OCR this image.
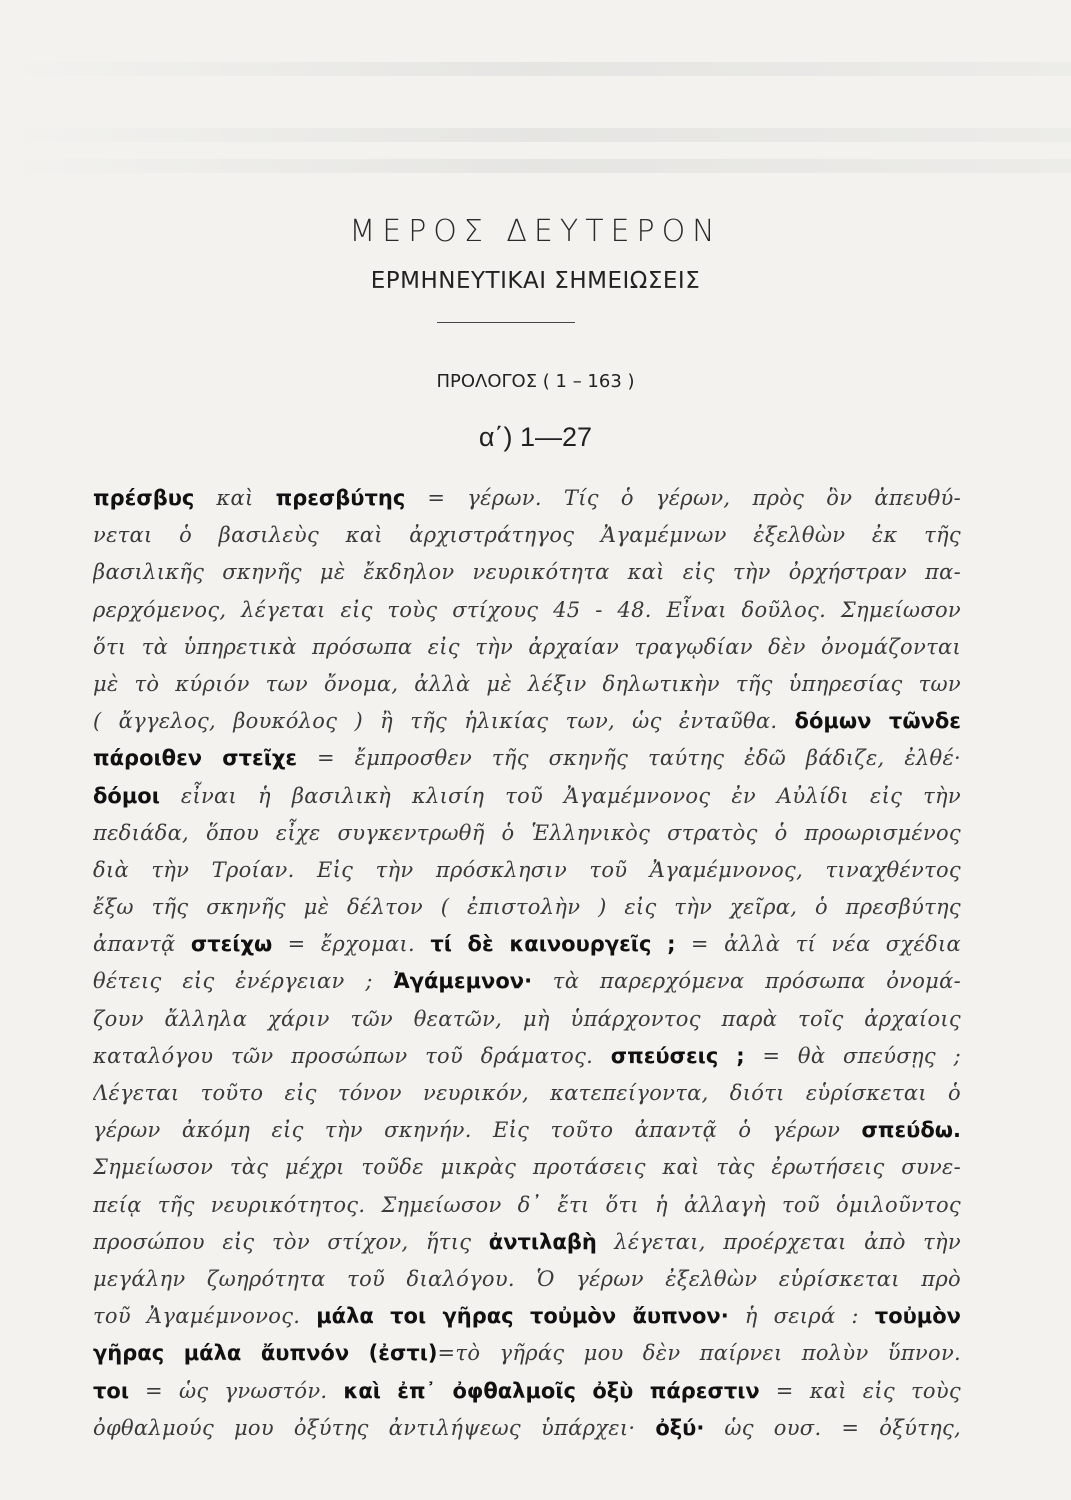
ΜΕΡΟΣ ΔΕΥΤΕΡΟΝ
ΕΡΜΗΝΕΥΤΙΚΑΙ ΣΗΜΕΙΩΣΕΙΣ
ΠΡΟΛΟΓΟΣ ( 1 – 163 )
α΄) 1—27
πρέσβυς καὶ πρεσβύτης = γέρων. Τίς ὁ γέρων, πρὸς ὃν ἀπευθύ-
νεται ὁ βασιλεὺς καὶ ἀρχιστράτηγος Ἀγαμέμνων ἐξελθὼν ἐκ τῆς
βασιλικῆς σκηνῆς μὲ ἔκδηλον νευρικότητα καὶ εἰς τὴν ὀρχήστραν πα-
ρερχόμενος, λέγεται εἰς τοὺς στίχους 45 - 48. Εἶναι δοῦλος. Σημείωσον
ὅτι τὰ ὑπηρετικὰ πρόσωπα εἰς τὴν ἀρχαίαν τραγῳδίαν δὲν ὀνομάζονται
μὲ τὸ κύριόν των ὄνομα, ἀλλὰ μὲ λέξιν δηλωτικὴν τῆς ὑπηρεσίας των
( ἄγγελος, βουκόλος ) ἢ τῆς ἡλικίας των, ὡς ἐνταῦθα. δόμων τῶνδε
πάροιθεν στεῖχε = ἔμπροσθεν τῆς σκηνῆς ταύτης ἐδῶ βάδιζε, ἐλθέ·
δόμοι εἶναι ἡ βασιλικὴ κλισίη τοῦ Ἀγαμέμνονος ἐν Αὐλίδι εἰς τὴν
πεδιάδα, ὅπου εἶχε συγκεντρωθῆ ὁ Ἑλληνικὸς στρατὸς ὁ προωρισμένος
διὰ τὴν Τροίαν. Εἰς τὴν πρόσκλησιν τοῦ Ἀγαμέμνονος, τιναχθέντος
ἔξω τῆς σκηνῆς μὲ δέλτον ( ἐπιστολὴν ) εἰς τὴν χεῖρα, ὁ πρεσβύτης
ἀπαντᾷ στείχω = ἔρχομαι. τί δὲ καινουργεῖς ; = ἀλλὰ τί νέα σχέδια
θέτεις εἰς ἐνέργειαν ; Ἀγάμεμνον· τὰ παρερχόμενα πρόσωπα ὀνομά-
ζουν ἄλληλα χάριν τῶν θεατῶν, μὴ ὑπάρχοντος παρὰ τοῖς ἀρχαίοις
καταλόγου τῶν προσώπων τοῦ δράματος. σπεύσεις ; = θὰ σπεύσῃς ;
Λέγεται τοῦτο εἰς τόνον νευρικόν, κατεπείγοντα, διότι εὑρίσκεται ὁ
γέρων ἀκόμη εἰς τὴν σκηνήν. Εἰς τοῦτο ἀπαντᾷ ὁ γέρων σπεύδω.
Σημείωσον τὰς μέχρι τοῦδε μικρὰς προτάσεις καὶ τὰς ἐρωτήσεις συνε-
πείᾳ τῆς νευρικότητος. Σημείωσον δ᾽ ἔτι ὅτι ἡ ἀλλαγὴ τοῦ ὁμιλοῦντος
προσώπου εἰς τὸν στίχον, ἥτις ἀντιλαβὴ λέγεται, προέρχεται ἀπὸ τὴν
μεγάλην ζωηρότητα τοῦ διαλόγου. Ὁ γέρων ἐξελθὼν εὑρίσκεται πρὸ
τοῦ Ἀγαμέμνονος. μάλα τοι γῆρας τοὐμὸν ἄυπνον· ἡ σειρά : τοὐμὸν
γῆρας μάλα ἄυπνόν (ἐστι)=τὸ γῆράς μου δὲν παίρνει πολὺν ὕπνον.
τοι = ὡς γνωστόν. καὶ ἐπ᾽ ὀφθαλμοῖς ὀξὺ πάρεστιν = καὶ εἰς τοὺς
ὀφθαλμούς μου ὀξύτης ἀντιλήψεως ὑπάρχει· ὀξύ· ὡς ουσ. = ὀξύτης,
